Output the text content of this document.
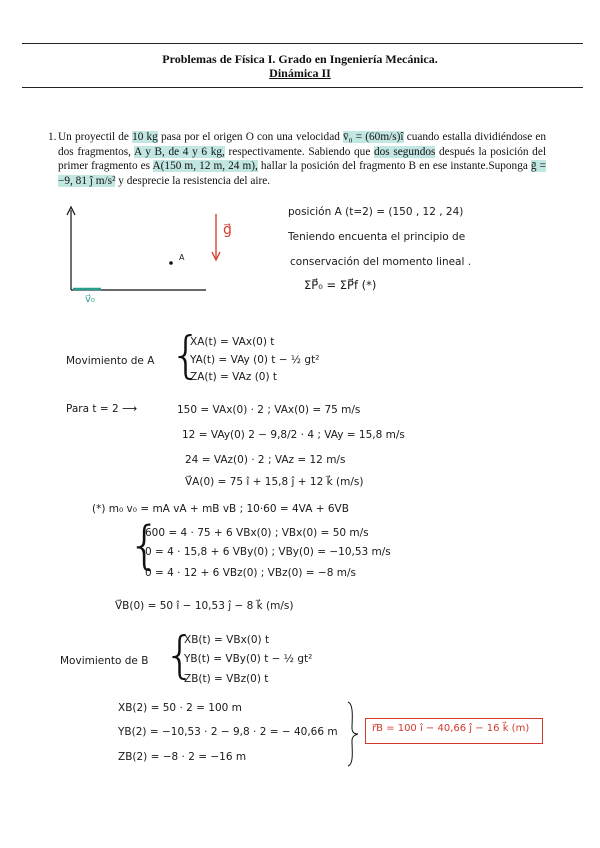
Problemas de Física I. Grado en Ingeniería Mecánica.
Dinámica II
1. Un proyectil de 10 kg pasa por el origen O con una velocidad v̄₀ = (60m/s)î cuando estalla dividiéndose en dos fragmentos, A y B, de 4 y 6 kg, respectivamente. Sabiendo que dos segundos después la posición del primer fragmento es A(150 m, 12 m, 24 m), hallar la posición del fragmento B en ese instante.Suponga ḡ = −9, 81 ĵ m/s² y desprecie la resistencia del aire.
g⃗
A
v⃗₀
posición A (t=2) = (150 , 12 , 24)
Teniendo encuenta el principio de
conservación del momento lineal .
ΣP⃗₀ = ΣP⃗f (*)
Movimiento de A {
XA(t) = VAx(0) t
YA(t) = VAy (0) t − ½ gt²
ZA(t) = VAz (0) t
Para t = 2 ⟶	150 = VAx(0) · 2 ; VAx(0) = 75 m/s
12 = VAy(0) 2 − 9,8/2 · 4 ; VAy = 15,8 m/s
24 = VAz(0) · 2 ; VAz = 12 m/s
V⃗A(0) = 75 î + 15,8 ĵ + 12 k⃗ (m/s)
(*) m₀ v₀ = mA vA + mB vB ; 10·60 = 4VA + 6VB
{
600 = 4 · 75 + 6 VBx(0) ; VBx(0) = 50 m/s
0 = 4 · 15,8 + 6 VBy(0) ; VBy(0) = −10,53 m/s
0 = 4 · 12 + 6 VBz(0) ; VBz(0) = −8 m/s
V⃗B(0) = 50 î − 10,53 ĵ − 8 k⃗ (m/s)
Movimiento de B {
XB(t) = VBx(0) t
YB(t) = VBy(0) t − ½ gt²
ZB(t) = VBz(0) t
XB(2) = 50 · 2 = 100 m
YB(2) = −10,53 · 2 − 9,8 · 2 = − 40,66 m
ZB(2) = −8 · 2 = −16 m
r⃗B = 100 î − 40,66 ĵ − 16 k⃗ (m)
